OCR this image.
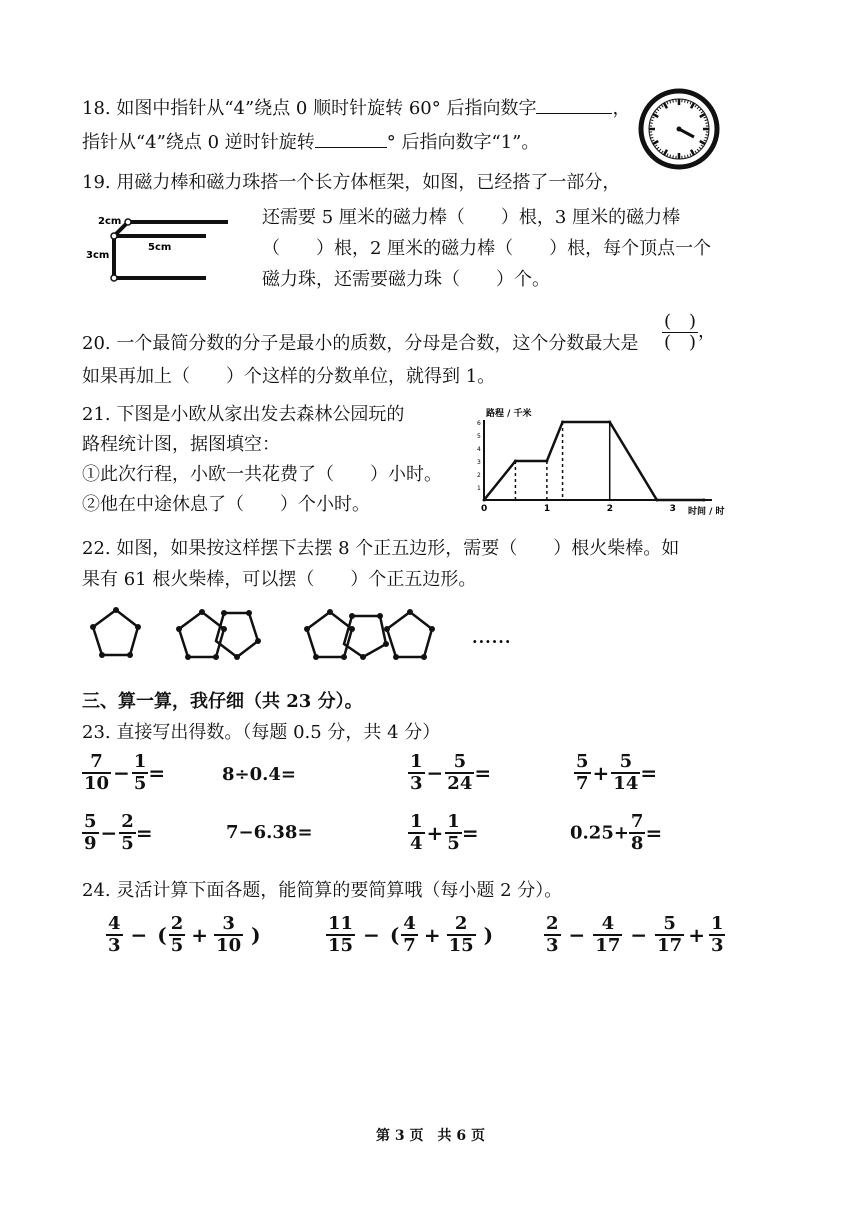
18. 如图中指针从“4”绕点 0 顺时针旋转 60° 后指向数字	，
指针从“4”绕点 0 逆时针旋转	° 后指向数字“1”。
19. 用磁力棒和磁力珠搭一个长方体框架，如图，已经搭了一部分，
2cm
3cm
5cm
还需要 5 厘米的磁力棒（　　）根，3 厘米的磁力棒
（　　）根，2 厘米的磁力棒（　　）根，每个顶点一个
磁力珠，还需要磁力珠（　　）个。
20. 一个最简分数的分子是最小的质数，分母是合数，这个分数最大是 $\frac{( )}{( )}$ ，
如果再加上（　　）个这样的分数单位，就得到 1。
21. 下图是小欧从家出发去森林公园玩的
路程统计图，据图填空：
①此次行程，小欧一共花费了（　　）小时。
②他在中途休息了（　　）个小时。
路程 / 千米
时间 / 时
0	1	2	3
1
2
3
4
5
6
22. 如图，如果按这样摆下去摆 8 个正五边形，需要（　　）根火柴棒。如
果有 61 根火柴棒，可以摆（　　）个正五边形。
······
三、算一算，我仔细（共 23 分）。
23. 直接写出得数。（每题 0.5 分，共 4 分）
$\frac{7}{10} - \frac{1}{5}$ =	8÷0.4=	$\frac{1}{3} - \frac{5}{24}$ =	$\frac{5}{7} + \frac{5}{14}$ =
$\frac{5}{9} - \frac{2}{5}$ =	7−6.38=	$\frac{1}{4} + \frac{1}{5}$ =	$0.25+ \frac{7}{8}$ =
24. 灵活计算下面各题，能简算的要简算哦（每小题 2 分）。
$\frac{4}{3}$ − ( $\frac{2}{5} + \frac{3}{10}$ )	$\frac{11}{15}$ − ( $\frac{4}{7} + \frac{2}{15}$ )	$\frac{2}{3} - \frac{4}{17} - \frac{5}{17} + \frac{1}{3}$
第 3 页　共 6 页
